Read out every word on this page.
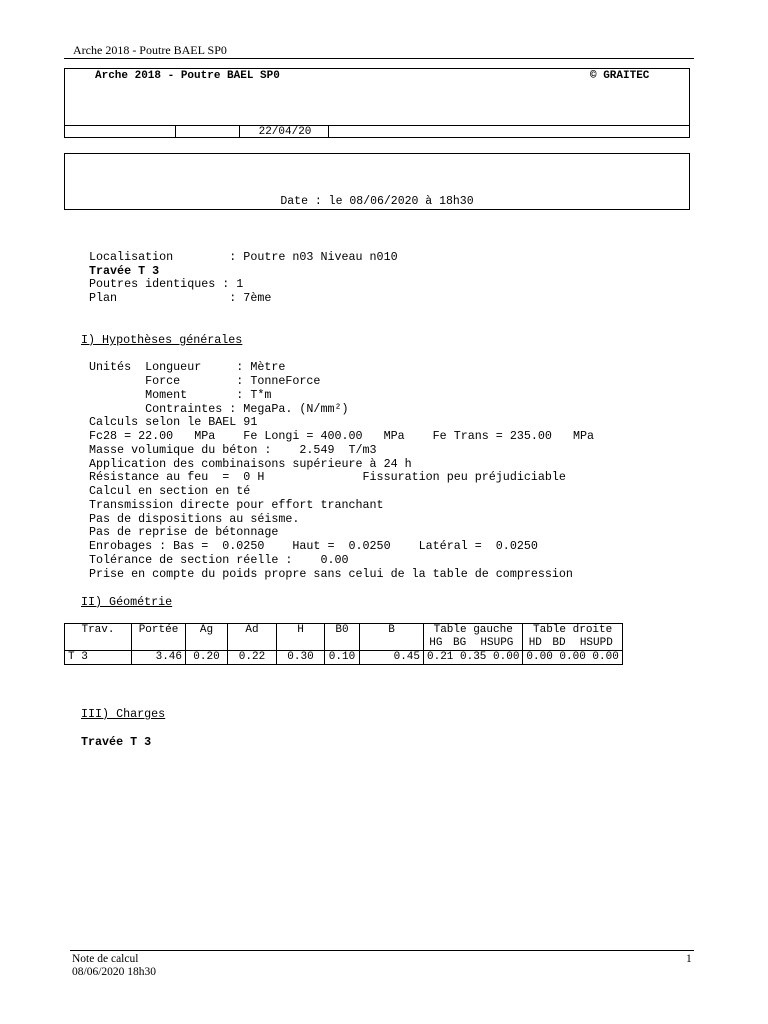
Arche 2018 - Poutre BAEL SP0
Arche 2018 - Poutre BAEL SP0	© GRAITEC
22/04/20
Date : le 08/06/2020 à 18h30
Localisation        : Poutre n03 Niveau n010
Travée T 3
Poutres identiques : 1
Plan                : 7ème
I) Hypothèses générales
Unités  Longueur     : Mètre
Force        : TonneForce
Moment       : T*m
Contraintes : MegaPa. (N/mm²)
Calculs selon le BAEL 91
Fc28 = 22.00   MPa    Fe Longi = 400.00   MPa    Fe Trans = 235.00   MPa
Masse volumique du béton :    2.549  T/m3
Application des combinaisons supérieure à 24 h
Résistance au feu  =  0 H              Fissuration peu préjudiciable
Calcul en section en té
Transmission directe pour effort tranchant
Pas de dispositions au séisme.
Pas de reprise de bétonnage
Enrobages : Bas =  0.0250    Haut =  0.0250    Latéral =  0.0250
Tolérance de section réelle :    0.00
Prise en compte du poids propre sans celui de la table de compression
II) Géométrie
Trav.	Portée	Ag	Ad	H	B0	B	Table gauche			Table droite		
							HG	BG	HSUPG	HD	BD	HSUPD
T 3	3.46	0.20	0.22	0.30	0.10	0.45	0.21 0.35 0.00			0.00 0.00 0.00		
III) Charges
Travée T 3
Note de calcul
08/06/2020 18h30
1
